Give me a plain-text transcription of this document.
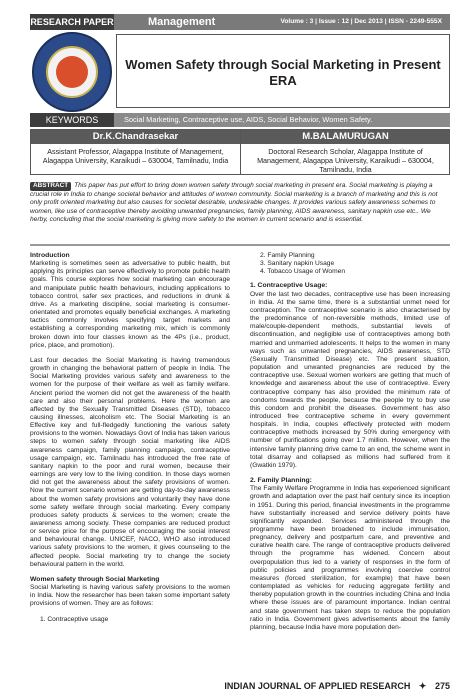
RESEARCH PAPER	Management	Volume : 3 | Issue : 12 | Dec 2013 | ISSN - 2249-555X
Women Safety through Social Marketing in Present ERA
KEYWORDS	Social Marketing, Contraceptive use, AIDS, Social Behavior, Women Safety.
Dr.K.Chandrasekar
Assistant Professor, Alagappa Institute of Management, Alagappa University, Karaikudi – 630004, Tamilnadu, India
M.BALAMURUGAN
Doctoral Research Scholar, Alagappa Institute of Management, Alagappa University, Karaikudi – 630004, Tamilnadu, India
ABSTRACT This paper has put effort to bring down women safety through social marketing in present era. Social marketing is playing a crucial role in India to change societal behavior and attitudes of women community. Social marketing is a branch of marketing and this is not only profit oriented marketing but also causes for societal desirable, undesirable changes. It provides various safety awareness schemes to women, like use of contraceptive thereby avoiding unwanted pregnancies, family planning, AIDS awareness, sanitary napkin use etc.. We herby, concluding that the social marketing is giving more safety to the women in current scenario and is essential.
Introduction

Marketing is sometimes seen as adversative to public health, but applying its principles can serve effectively to promote public health goals. This course explores how social marketing can encourage and manipulate public health behaviours, including applications to tobacco control, safer sex practices, and reductions in drunk & drive. As a marketing discipline, social marketing is consumer-orientated and promotes equally beneficial exchanges. A marketing tactics commonly involves specifying target markets and establishing a corresponding marketing mix, which is commonly broken down into four classes known as the 4Ps (i.e., product, price, place, and promotion).

Last four decades the Social Marketing is having tremendous growth in changing the behavioral pattern of people in India. The Social Marketing provides various safety and awareness to the women for the purpose of their welfare as well as family welfare. Ancient period the women did not get the awareness of the health care and also their personal problems. Here the women are affected by the Sexually Transmitted Diseases (STD), tobacco causing illnesses, alcoholism etc. The Social Marketing is an Effective key and full-fledgedly functioning the various safety provisions to the women. Nowadays Govt of India has taken various steps to women safety through social marketing like AIDS awareness campaign, family planning campaign, contraceptive usage campaign, etc. Tamilnadu has introduced the free rate of sanitary napkin to the poor and rural women, because their earnings are very low to the living condition. In those days women did not get the awareness about the safety provisions of women. Now the current scenario women are getting day-to-day awareness about the women safety provisions and voluntarily they have done some safety welfare through social marketing. Every company produces safety products & services to the women; create the awareness among society. These companies are reduced product or service price for the purpose of encouraging the social interest and behavioural change. UNICEF, NACO, WHO also introduced various safety provisions to the women, it gives counseling to the affected people. Social marketing try to change the society behavioural pattern in the world.

Women safety through Social Marketing

Social Marketing is having various safety provisions to the women in India. Now the researcher has been taken some important safety provisions of women. They are as follows:

1. Contraceptive usage
2. Family Planning
3. Sanitary napkin Usage
4. Tobacco Usage of Women
1. Contraceptive Usage:

Over the last two decades, contraceptive use has been increasing in India. At the same time, there is a substantial unmet need for contraception. The contraceptive scenario is also characterised by the predominance of non-reversible methods, limited use of male/couple-dependent methods, substantial levels of discontinuation, and negligible use of contraceptives among both married and unmarried adolescents. It helps to the women in many ways such as unwanted pregnancies, AIDS awareness, STD (Sexually Transmitted Disease) etc. The present situation, population and unwanted pregnancies are reduced by the contraceptive use. Sexual women workers are getting that much of knowledge and awareness about the use of contraceptive. Every contraceptive company has also provided the minimum rate of condoms towards the people, because the people try to buy use this condom and prohibit the diseases. Government has also introduced free contraceptive scheme in every government hospitals. In India, couples effectively protected with modern contraceptive methods increased by 50% during emergency with number of purifications going over 1.7 million. However, when the intensive family planning drive came to an end, the scheme went in total disarray and collapsed as millions had suffered from it (Gwatkin 1979).

2. Family Planning:

The Family Welfare Programme in India has experienced significant growth and adaptation over the past half century since its inception in 1951. During this period, financial investments in the programme have substantially increased and service delivery points have significantly expanded. Services administered through the programme have been broadened to include immunisation, pregnancy, delivery and postpartum care, and preventive and curative health care. The range of contraceptive products delivered through the programme has widened. Concern about overpopulation thus led to a variety of responses in the form of public policies and programmes involving coercive control measures (forced sterilization, for example) that have been contemplated as vehicles for reducing aggregate fertility and thereby population growth in the countries including China and India where these issues are of paramount importance. Indian central and state government has taken steps to reduce the population ratio in India. Government gives advertisements about the family planning, because India have more population den-

INDIAN JOURNAL OF APPLIED RESEARCH ✦ 275
